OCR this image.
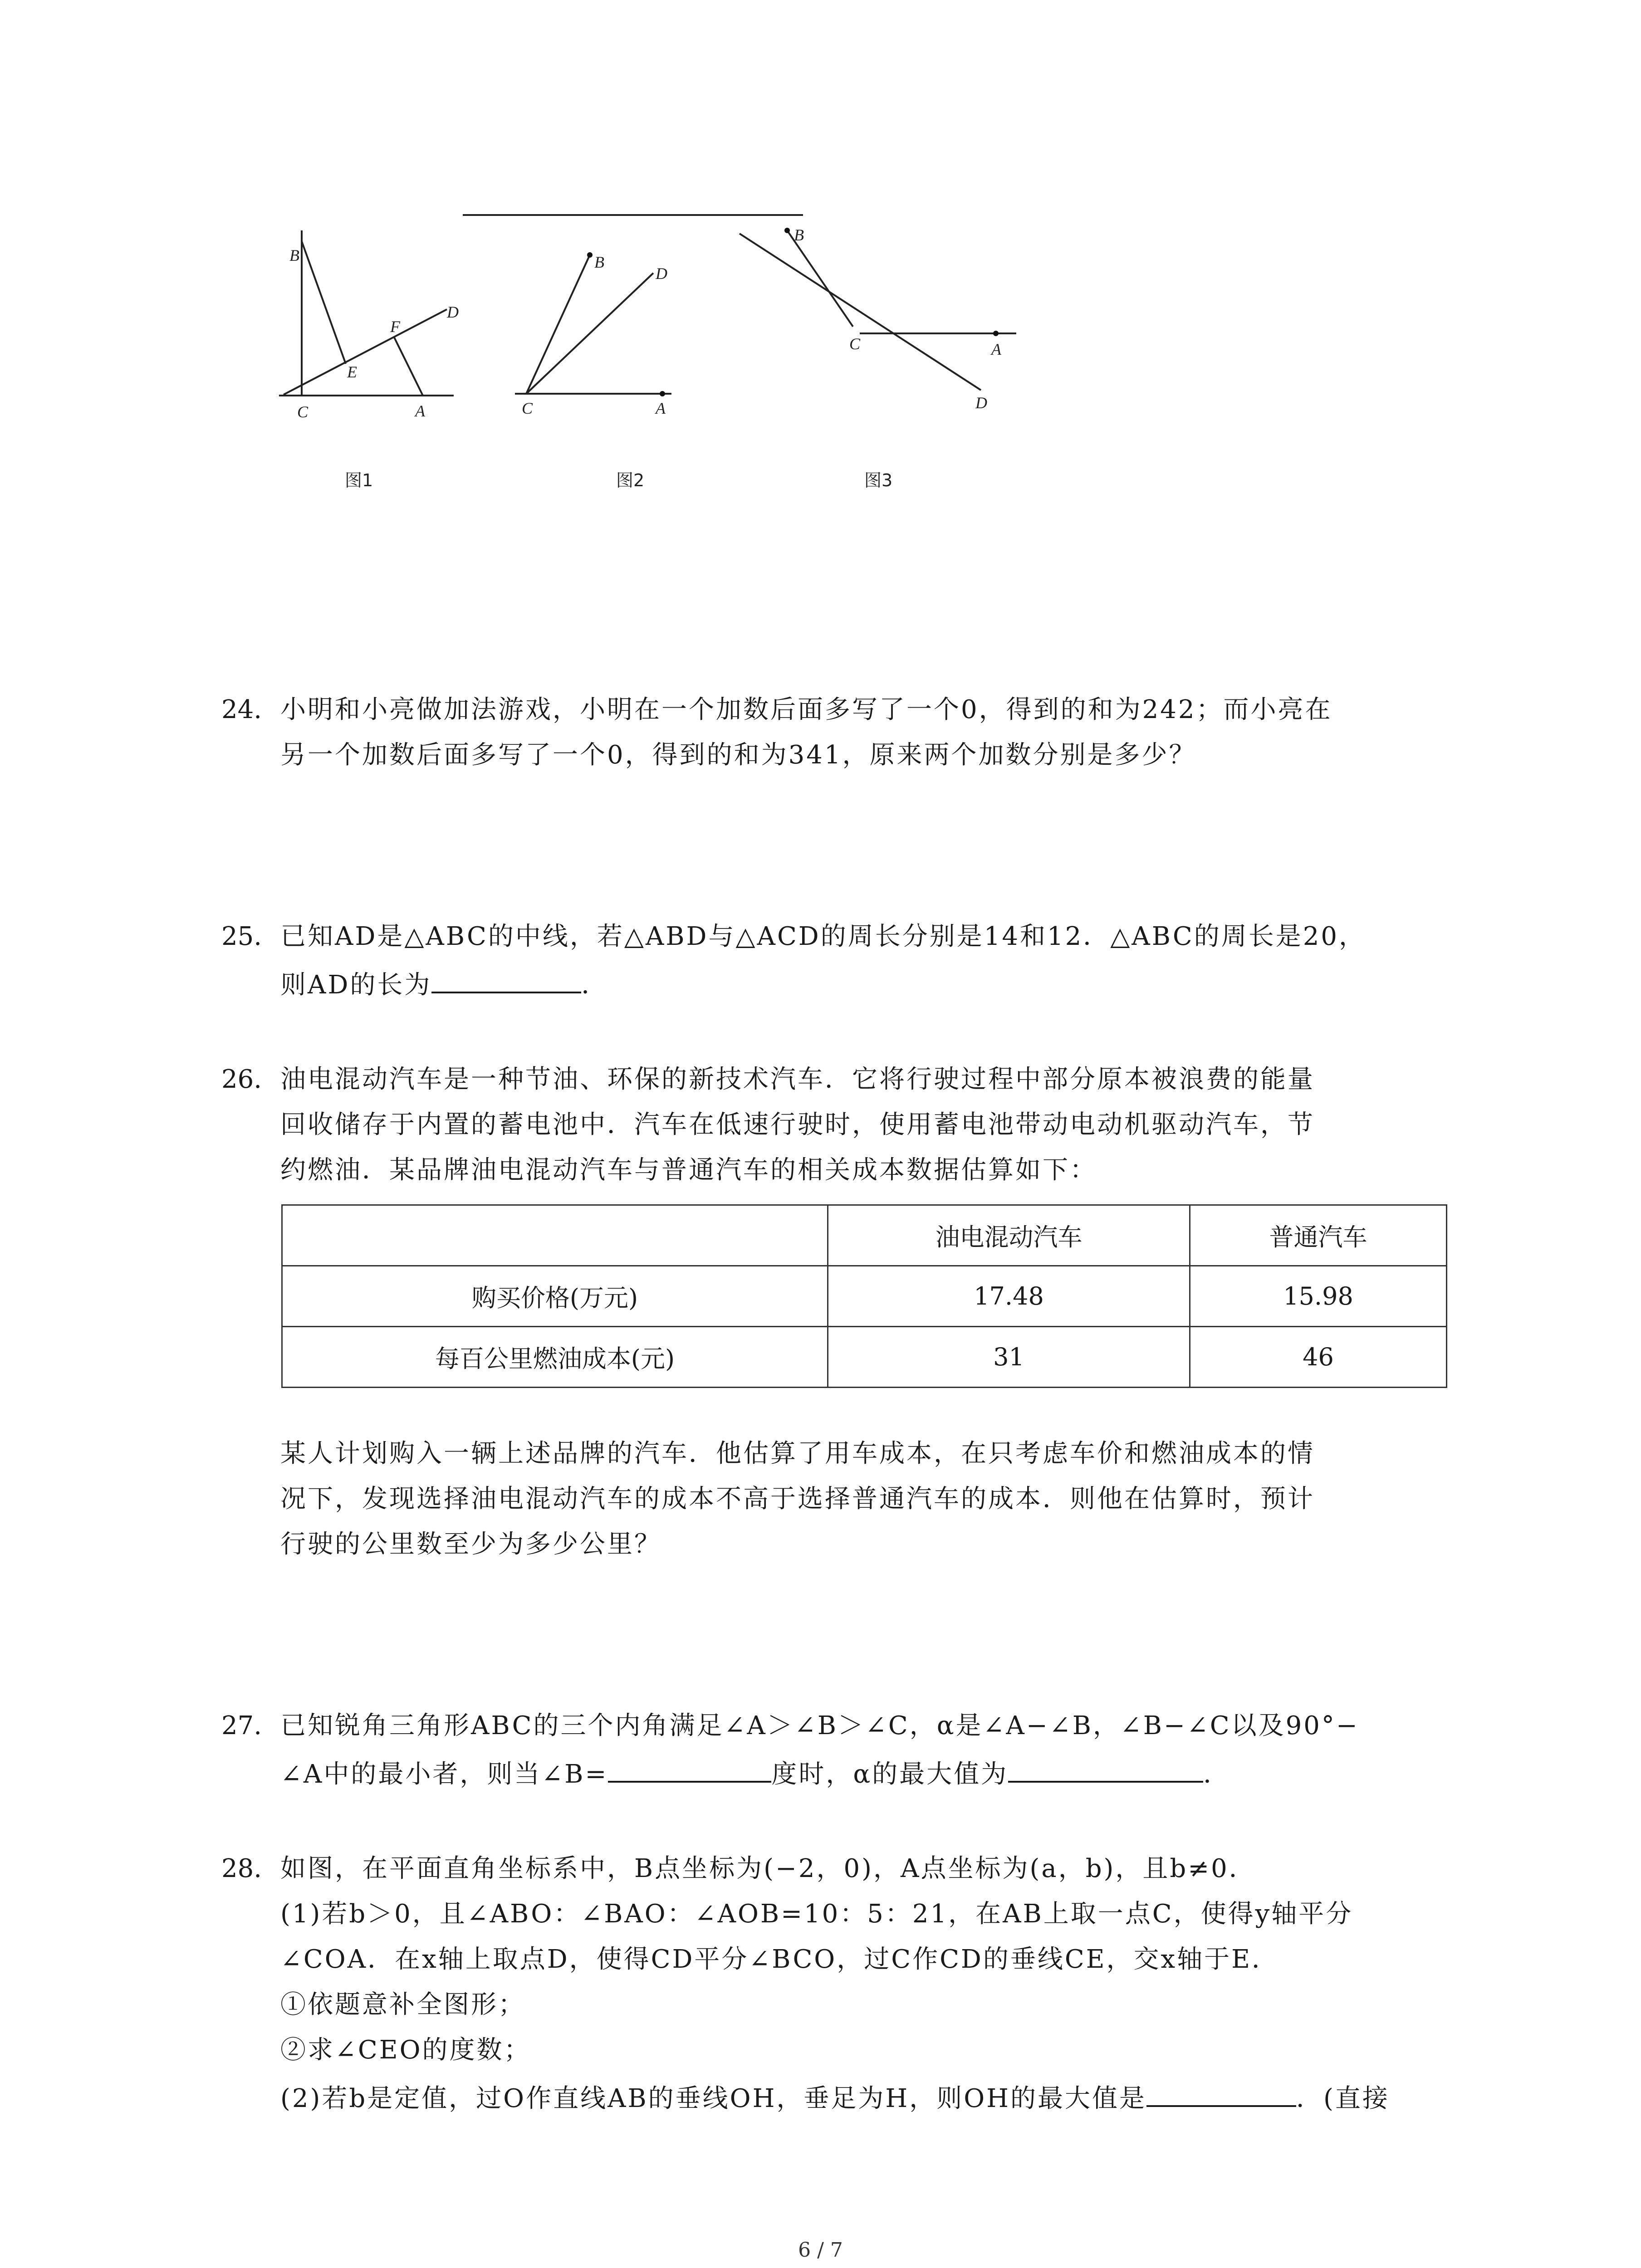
B
C
E
F
A
D
B
D
C	A
B
C	A
D
图1	图2	图3
24. 小明和小亮做加法游戏，小明在一个加数后面多写了一个0，得到的和为242；而小亮在
另一个加数后面多写了一个0，得到的和为341，原来两个加数分别是多少？
25. 已知AD是△ABC的中线，若△ABD与△ACD的周长分别是14和12．△ABC的周长是20，
则AD的长为	．
26. 油电混动汽车是一种节油、环保的新技术汽车．它将行驶过程中部分原本被浪费的能量
回收储存于内置的蓄电池中．汽车在低速行驶时，使用蓄电池带动电动机驱动汽车，节
约燃油．某品牌油电混动汽车与普通汽车的相关成本数据估算如下：
	油电混动汽车	普通汽车
购买价格(万元)	17.48	15.98
每百公里燃油成本(元)	31	46
某人计划购入一辆上述品牌的汽车．他估算了用车成本，在只考虑车价和燃油成本的情
况下，发现选择油电混动汽车的成本不高于选择普通汽车的成本．则他在估算时，预计
行驶的公里数至少为多少公里？
27. 已知锐角三角形ABC的三个内角满足∠A＞∠B＞∠C，α是∠A−∠B，∠B−∠C以及90°−
∠A中的最小者，则当∠B=	度时，α的最大值为	．
28. 如图，在平面直角坐标系中，B点坐标为(−2，0)，A点坐标为(a，b)，且b≠0．
(1)若b＞0，且∠ABO：∠BAO：∠AOB=10：5：21，在AB上取一点C，使得y轴平分
∠COA．在x轴上取点D，使得CD平分∠BCO，过C作CD的垂线CE，交x轴于E．
①依题意补全图形；
②求∠CEO的度数；
(2)若b是定值，过O作直线AB的垂线OH，垂足为H，则OH的最大值是	．(直接
6 / 7
